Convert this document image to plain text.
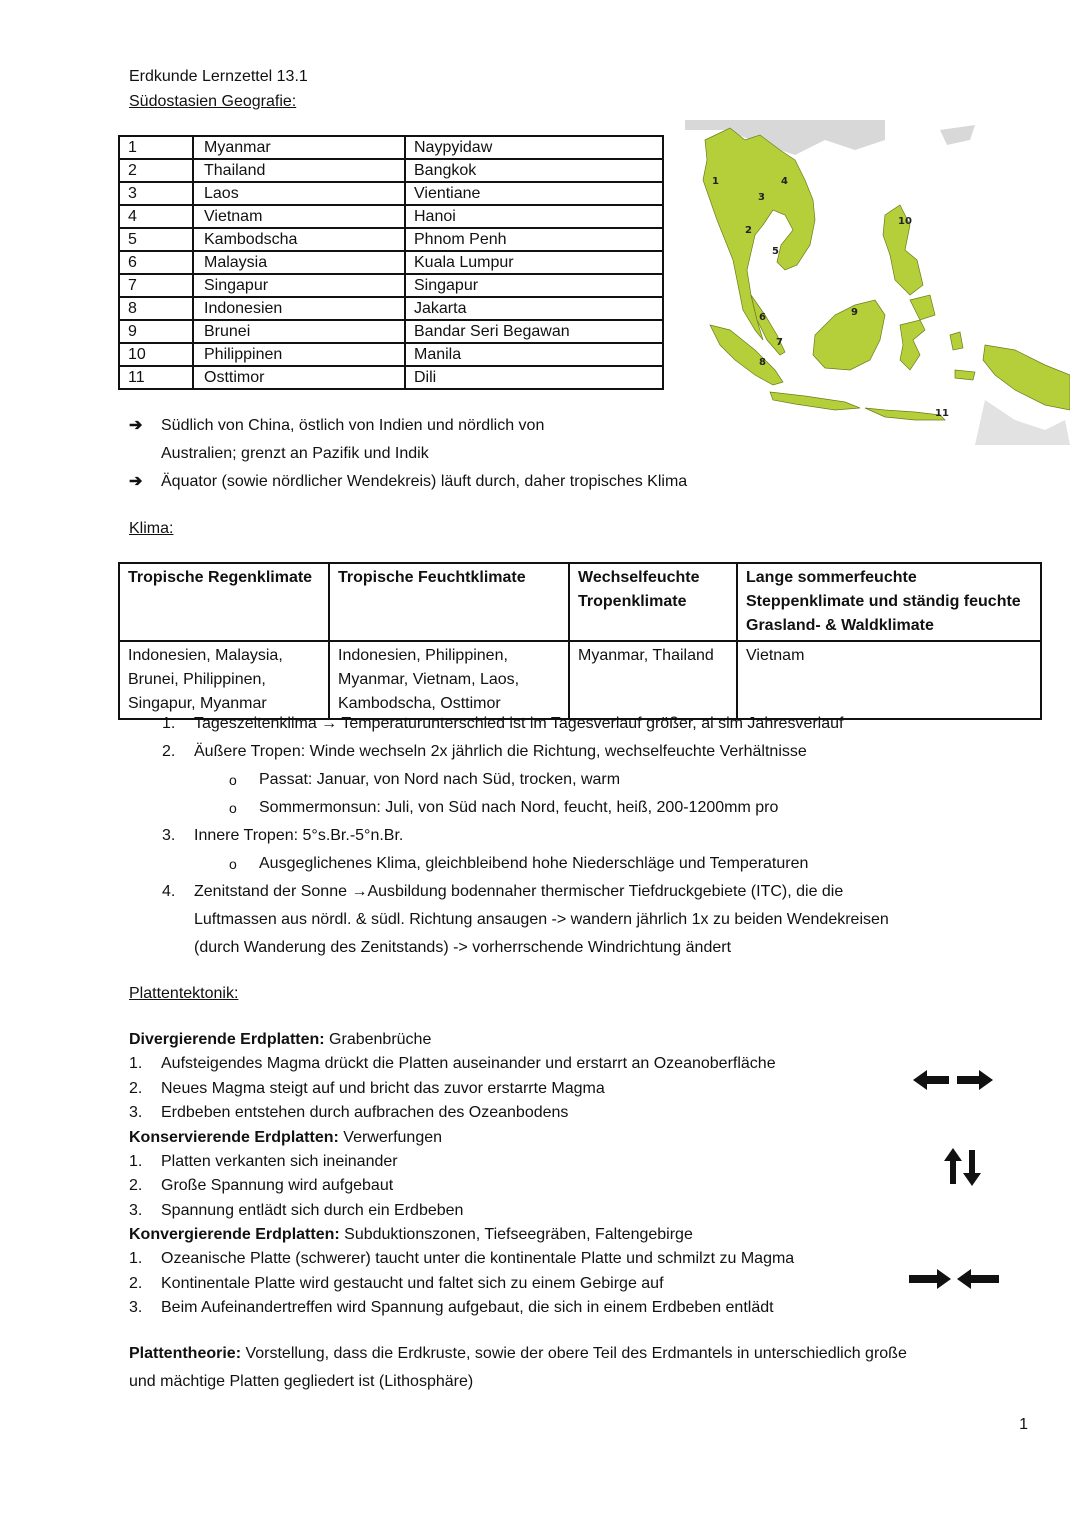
Erdkunde Lernzettel 13.1
Südostasien Geografie:
1	Myanmar	Naypyidaw
2	Thailand	Bangkok
3	Laos	Vientiane
4	Vietnam	Hanoi
5	Kambodscha	Phnom Penh
6	Malaysia	Kuala Lumpur
7	Singapur	Singapur
8	Indonesien	Jakarta
9	Brunei	Bandar Seri Begawan
10	Philippinen	Manila
11	Osttimor	Dili
1
2
3
4
5
6
7
8
9
10
11
➔ Südlich von China, östlich von Indien und nördlich von
Australien; grenzt an Pazifik und Indik
➔ Äquator (sowie nördlicher Wendekreis) läuft durch, daher tropisches Klima
Klima:
Tropische Regenklimate	Tropische Feuchtklimate	Wechselfeuchte Tropenklimate	Lange sommerfeuchte Steppenklimate und ständig feuchte Grasland- & Waldklimate
Indonesien, Malaysia, Brunei, Philippinen, Singapur, Myanmar	Indonesien, Philippinen, Myanmar, Vietnam, Laos, Kambodscha, Osttimor	Myanmar, Thailand	Vietnam
1. Tageszeitenklima → Temperaturunterschied ist im Tagesverlauf größer, al sim Jahresverlauf
2. Äußere Tropen: Winde wechseln 2x jährlich die Richtung, wechselfeuchte Verhältnisse
o Passat: Januar, von Nord nach Süd, trocken, warm
o Sommermonsun: Juli, von Süd nach Nord, feucht, heiß, 200-1200mm pro
3. Innere Tropen: 5°s.Br.-5°n.Br.
o Ausgeglichenes Klima, gleichbleibend hohe Niederschläge und Temperaturen
4. Zenitstand der Sonne →Ausbildung bodennaher thermischer Tiefdruckgebiete (ITC), die die
Luftmassen aus nördl. & südl. Richtung ansaugen -> wandern jährlich 1x zu beiden Wendekreisen
(durch Wanderung des Zenitstands) -> vorherrschende Windrichtung ändert
Plattentektonik:
Divergierende Erdplatten: Grabenbrüche
1. Aufsteigendes Magma drückt die Platten auseinander und erstarrt an Ozeanoberfläche
2. Neues Magma steigt auf und bricht das zuvor erstarrte Magma
3. Erdbeben entstehen durch aufbrachen des Ozeanbodens
Konservierende Erdplatten: Verwerfungen
1. Platten verkanten sich ineinander
2. Große Spannung wird aufgebaut
3. Spannung entlädt sich durch ein Erdbeben
Konvergierende Erdplatten: Subduktionszonen, Tiefseegräben, Faltengebirge
1. Ozeanische Platte (schwerer) taucht unter die kontinentale Platte und schmilzt zu Magma
2. Kontinentale Platte wird gestaucht und faltet sich zu einem Gebirge auf
3. Beim Aufeinandertreffen wird Spannung aufgebaut, die sich in einem Erdbeben entlädt
Plattentheorie: Vorstellung, dass die Erdkruste, sowie der obere Teil des Erdmantels in unterschiedlich große
und mächtige Platten gegliedert ist (Lithosphäre)
1
